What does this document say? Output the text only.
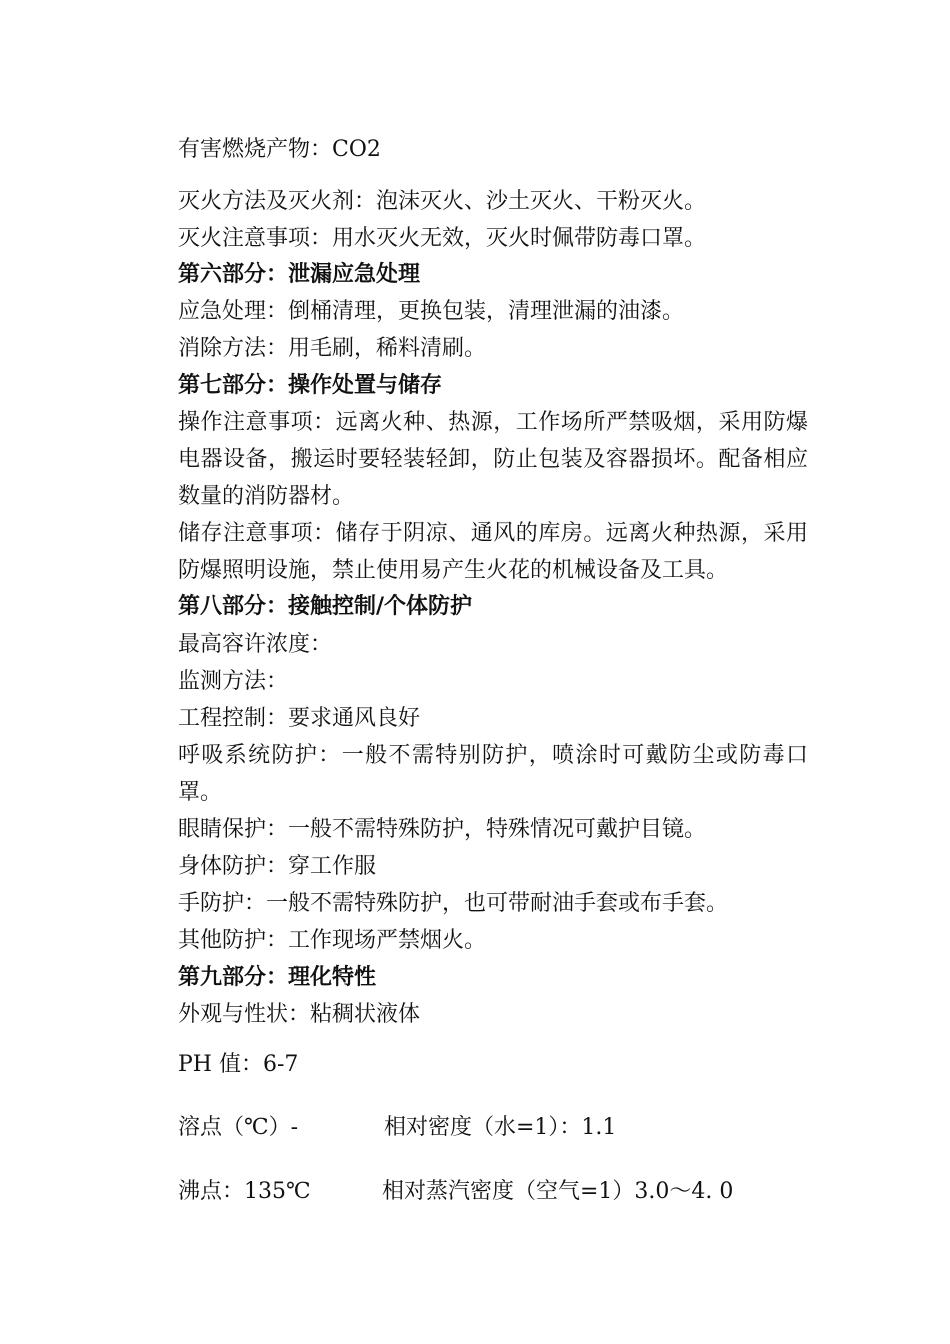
有害燃烧产物：CO2
灭火方法及灭火剂：泡沫灭火、沙土灭火、干粉灭火。
灭火注意事项：用水灭火无效，灭火时佩带防毒口罩。
第六部分：泄漏应急处理
应急处理：倒桶清理，更换包装，清理泄漏的油漆。
消除方法：用毛刷，稀料清刷。
第七部分：操作处置与储存
操作注意事项：远离火种、热源，工作场所严禁吸烟，采用防爆电器设备，搬运时要轻装轻卸，防止包装及容器损坏。配备相应数量的消防器材。
储存注意事项：储存于阴凉、通风的库房。远离火种热源，采用防爆照明设施，禁止使用易产生火花的机械设备及工具。
第八部分：接触控制/个体防护
最高容许浓度：
监测方法：
工程控制：要求通风良好
呼吸系统防护：一般不需特别防护，喷涂时可戴防尘或防毒口罩。
眼睛保护：一般不需特殊防护，特殊情况可戴护目镜。
身体防护：穿工作服
手防护：一般不需特殊防护，也可带耐油手套或布手套。
其他防护：工作现场严禁烟火。
第九部分：理化特性
外观与性状：粘稠状液体
PH 值：6-7
溶点（℃）-	相对密度（水=1）：1.1
沸点：135℃	相对蒸汽密度（空气=1）3.0～4. 0
